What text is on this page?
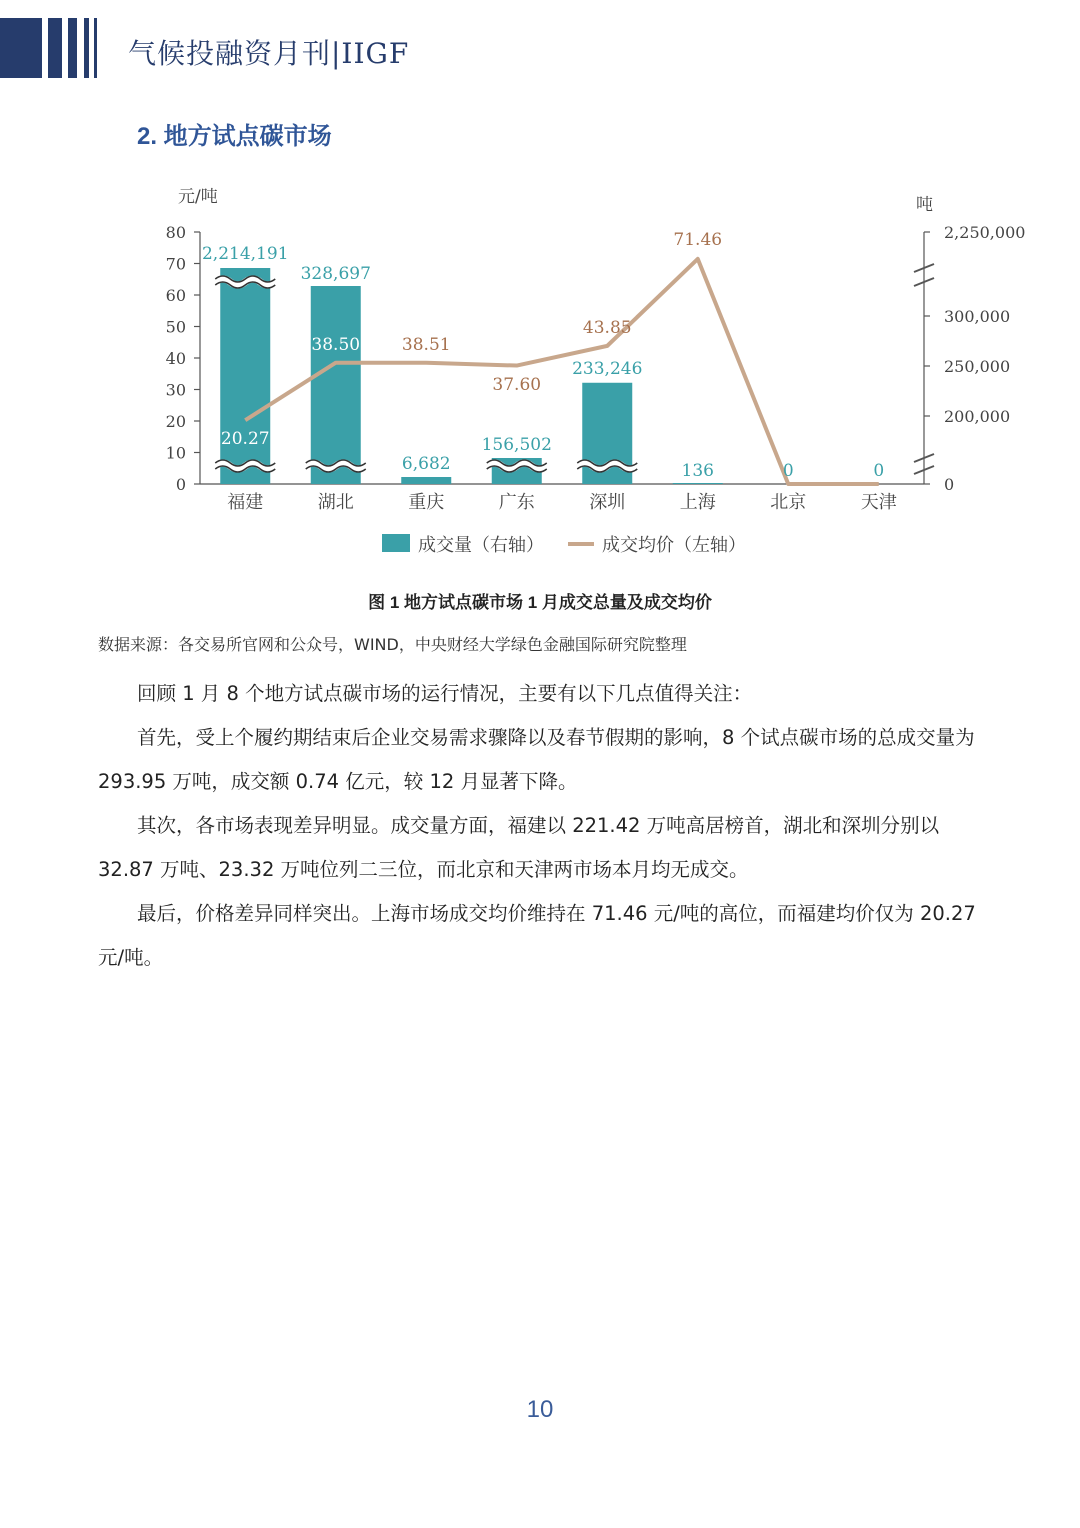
气候投融资月刊|IIGF
2. 地方试点碳市场
0
10
20
30
40
50
60
70
80
元/吨
0
200,000
250,000
300,000
2,250,000
吨
2,214,191
328,697
6,682
156,502
233,246
136	0	0
20.27
38.50 38.51
37.60
43.85
71.46
福建	湖北	重庆	广东	深圳	上海	北京	天津
成交量（右轴）	成交均价（左轴）
图 1 地方试点碳市场 1 月成交总量及成交均价
数据来源：各交易所官网和公众号，WIND，中央财经大学绿色金融国际研究院整理

回顾 1 月 8 个地方试点碳市场的运行情况，主要有以下几点值得关注：

首先，受上个履约期结束后企业交易需求骤降以及春节假期的影响，8 个试点碳市场的总成交量为 293.95 万吨，成交额 0.74 亿元，较 12 月显著下降。

其次，各市场表现差异明显。成交量方面，福建以 221.42 万吨高居榜首，湖北和深圳分别以 32.87 万吨、23.32 万吨位列二三位，而北京和天津两市场本月均无成交。

最后，价格差异同样突出。上海市场成交均价维持在 71.46 元/吨的高位，而福建均价仅为 20.27 元/吨。

10
